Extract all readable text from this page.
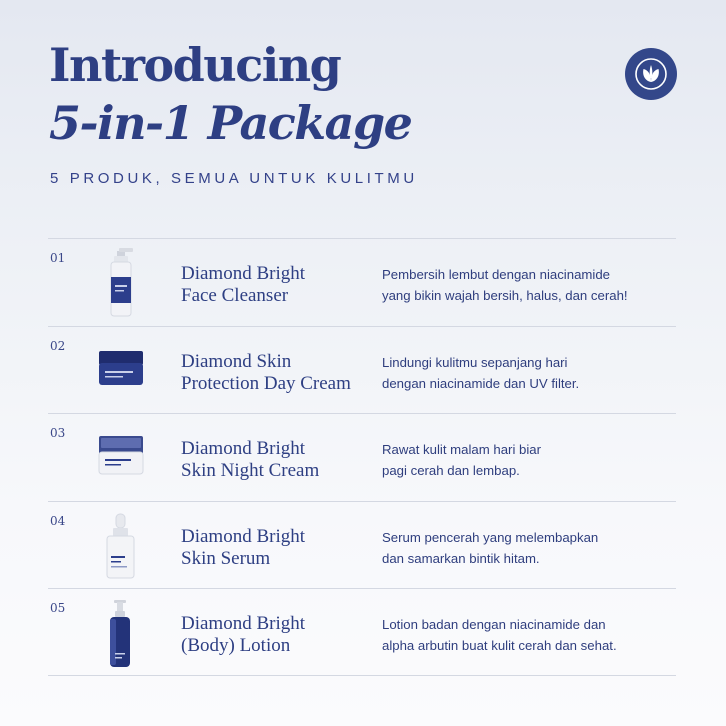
Introducing
5-in-1 Package
5 PRODUK, SEMUA UNTUK KULITMU
01
Diamond Bright
Face Cleanser
Pembersih lembut dengan niacinamide
yang bikin wajah bersih, halus, dan cerah!
02
Diamond Skin
Protection Day Cream
Lindungi kulitmu sepanjang hari
dengan niacinamide dan UV filter.
03
Diamond Bright
Skin Night Cream
Rawat kulit malam hari biar
pagi cerah dan lembap.
04
Diamond Bright
Skin Serum
Serum pencerah yang melembapkan
dan samarkan bintik hitam.
05
Diamond Bright
(Body) Lotion
Lotion badan dengan niacinamide dan
alpha arbutin buat kulit cerah dan sehat.
